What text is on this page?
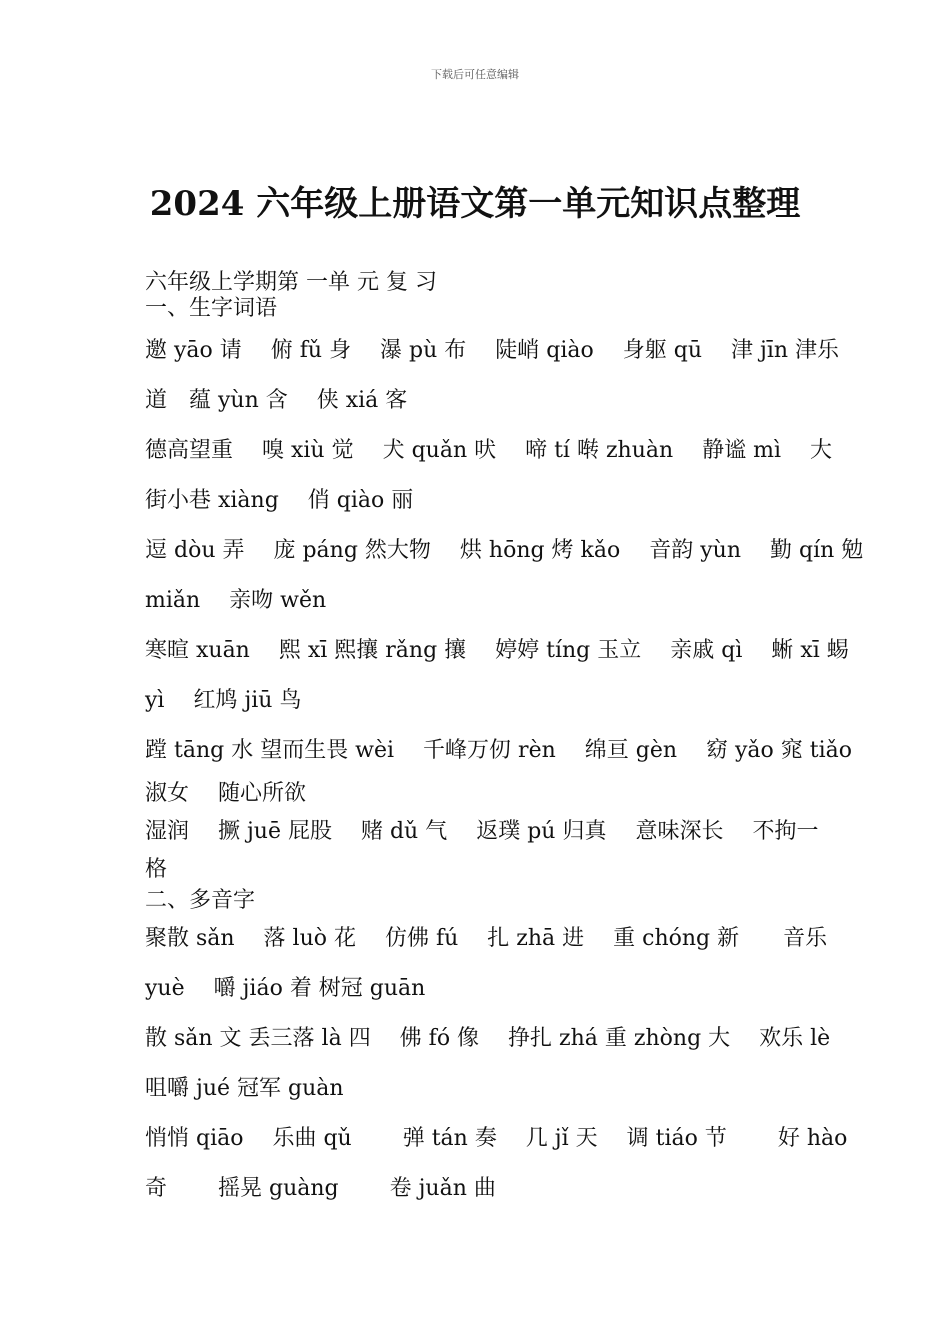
下载后可任意编辑
2024 六年级上册语文第一单元知识点整理
六年级上学期第 一单 元 复 习
一、生字词语
邀 yāo 请　 俯 fǔ 身　 瀑 pù 布　 陡峭 qiào　 身躯 qū　 津 jīn 津乐
道　蕴 yùn 含　 侠 xiá 客
德高望重　 嗅 xiù 觉　 犬 quǎn 吠　 啼 tí 啭 zhuàn　 静谧 mì　 大
街小巷 xiàng　 俏 qiào 丽
逗 dòu 弄　 庞 páng 然大物　 烘 hōng 烤 kǎo　 音韵 yùn　 勤 qín 勉
miǎn　 亲吻 wěn
寒暄 xuān　 熙 xī 熙攘 rǎng 攘　 婷婷 tíng 玉立　 亲戚 qì　 蜥 xī 蜴
yì　 红鸠 jiū 鸟
蹚 tāng 水 望而生畏 wèi　 千峰万仞 rèn　 绵亘 gèn　 窈 yǎo 窕 tiǎo
淑女　 随心所欲
湿润　 撅 juē 屁股　 赌 dǔ 气　 返璞 pú 归真　 意味深长　 不拘一
格
二、多音字
聚散 sǎn　 落 luò 花　 仿佛 fú　 扎 zhā 进　 重 chóng 新　　音乐
yuè　 嚼 jiáo 着 树冠 guān
散 sǎn 文 丢三落 là 四　 佛 fó 像　 挣扎 zhá 重 zhòng 大　 欢乐 lè
咀嚼 jué 冠军 guàn
悄悄 qiāo　 乐曲 qǔ　　 弹 tán 奏　 几 jǐ 天　 调 tiáo 节　　 好 hào
奇　　 摇晃 guàng　　 卷 juǎn 曲
